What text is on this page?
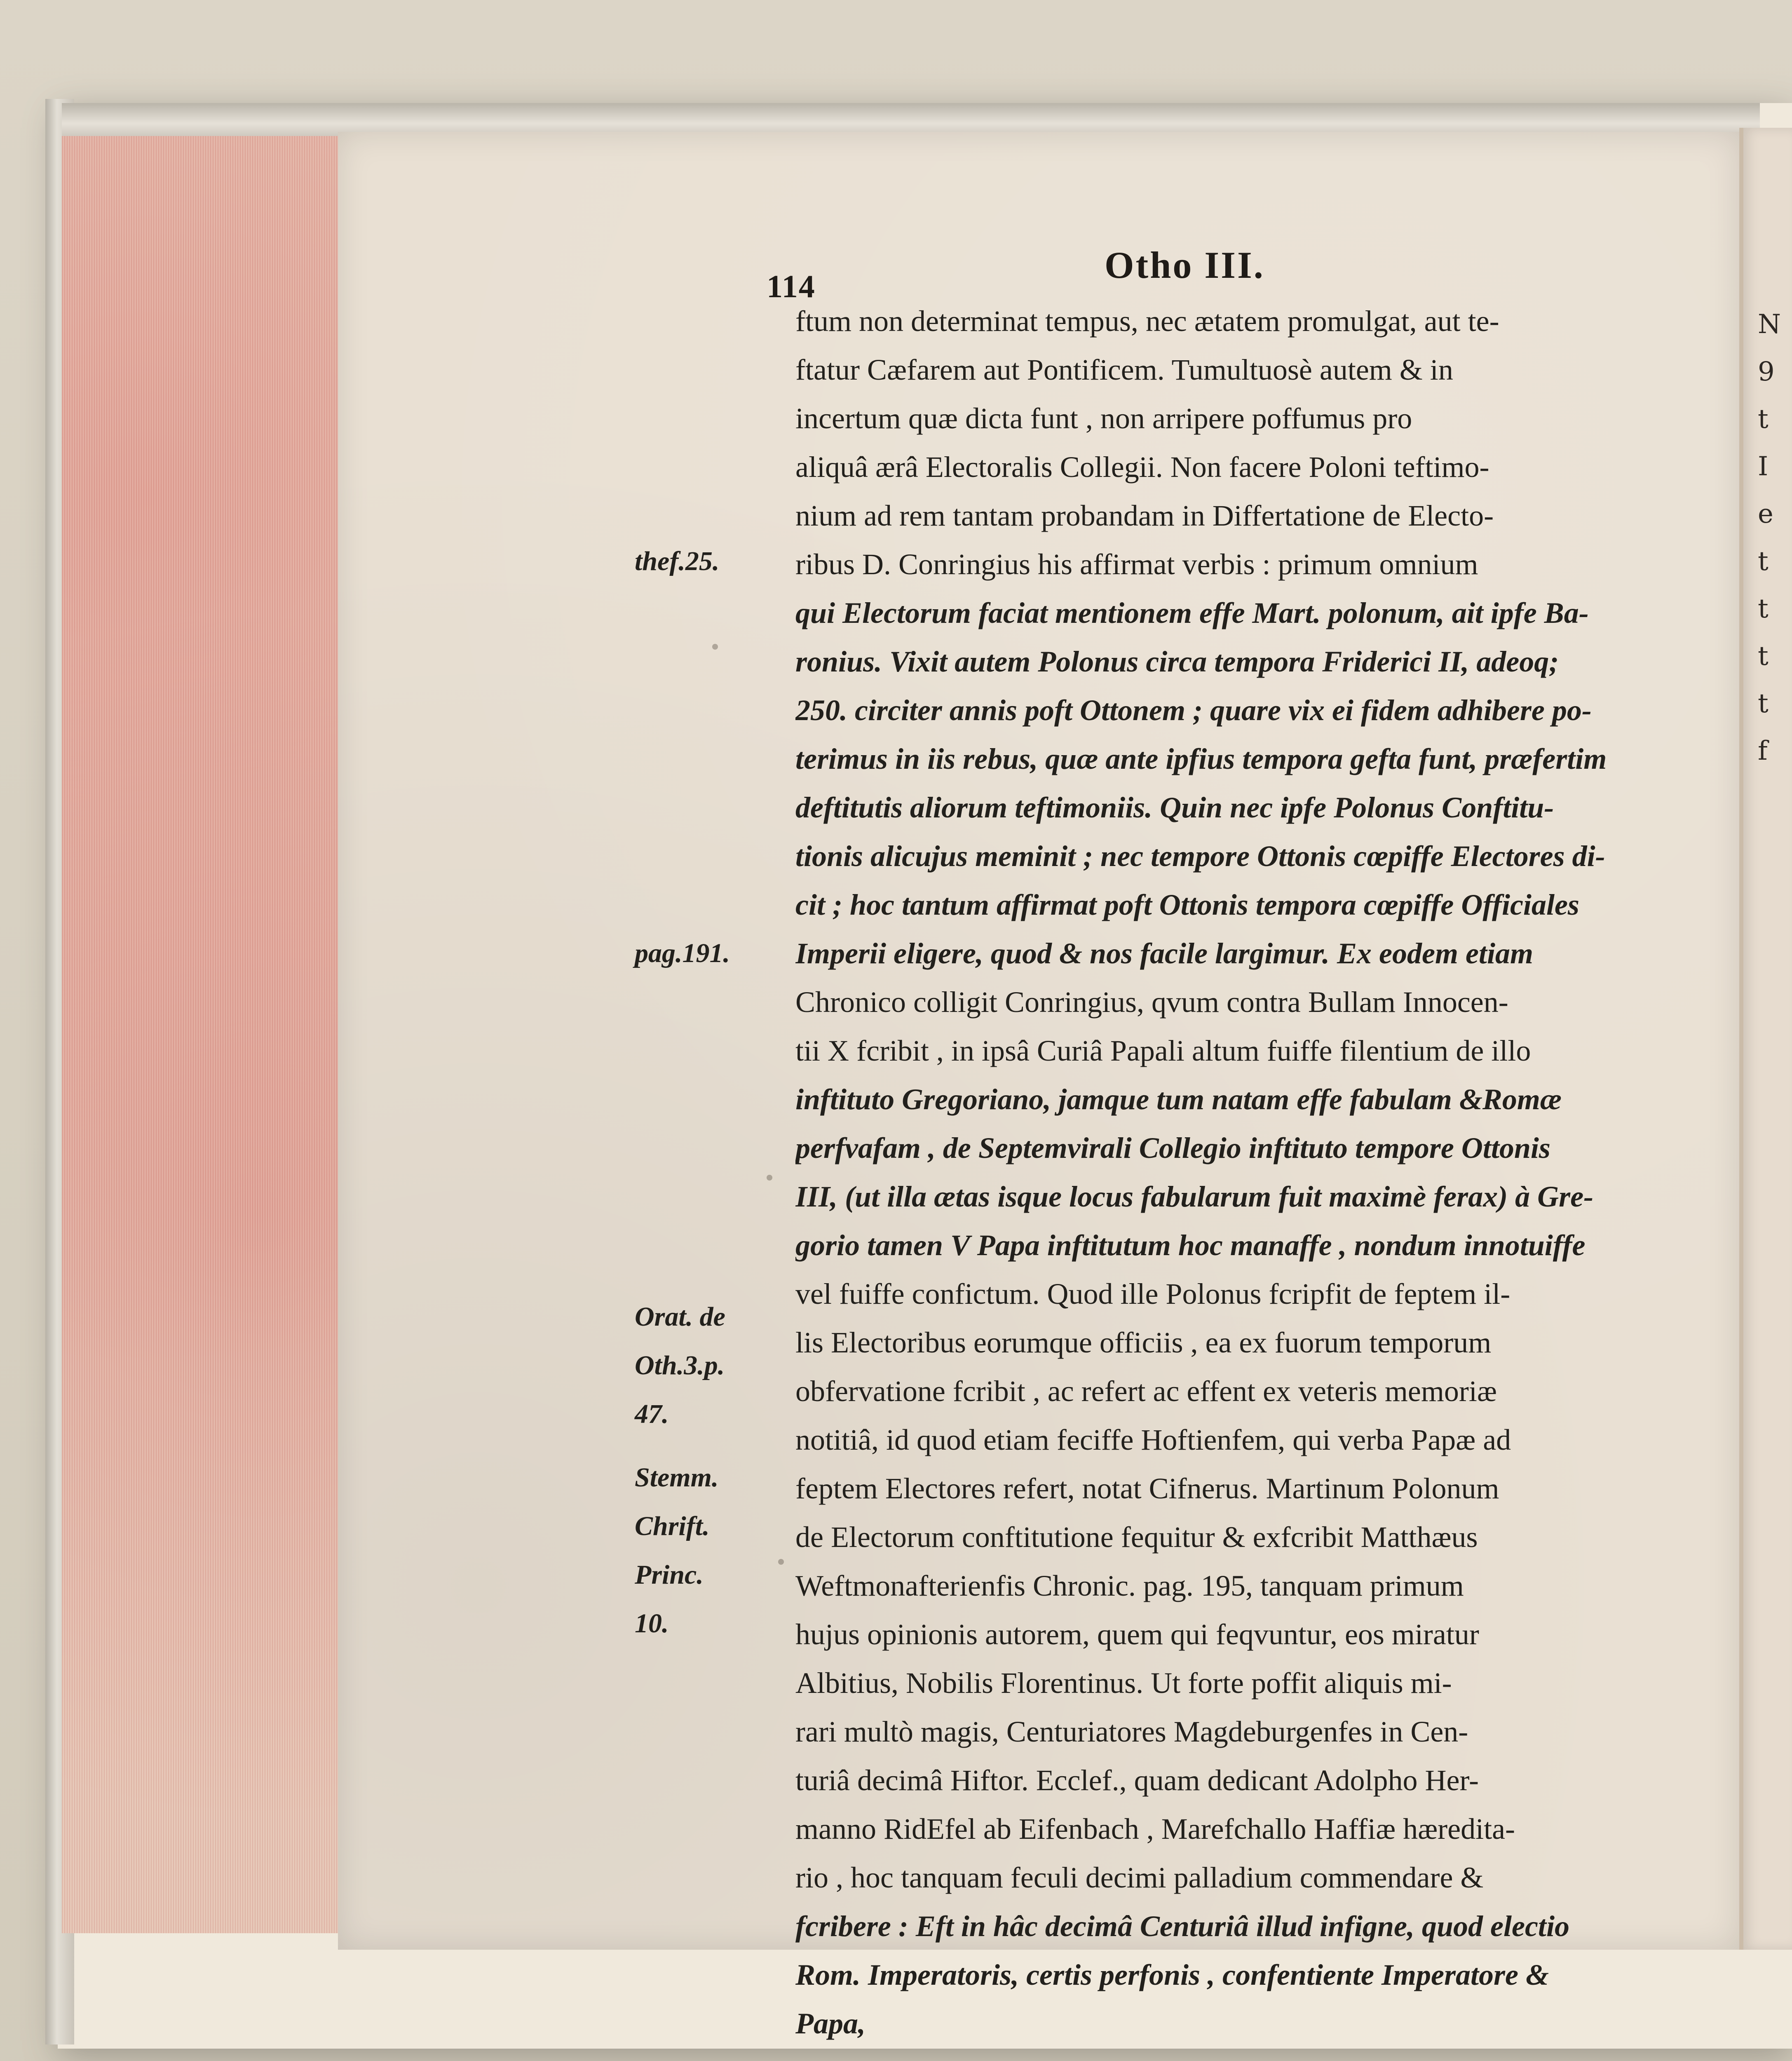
N
9
t
I
e
t
t
t
t
f
114
Otho III.
thef.25.
pag.191.
Orat. de
Oth.3.p.
47.
Stemm.
Chrift.
Princ.
10.
ftum non determinat tempus, nec ætatem promulgat, aut te-
ftatur Cæfarem aut Pontificem. Tumultuosè autem & in
incertum quæ dicta funt , non arripere poffumus pro
aliquâ ærâ Electoralis Collegii. Non facere Poloni teftimo-
nium ad rem tantam probandam in Differtatione de Electo-
ribus D. Conringius his affirmat verbis : primum omnium
qui Electorum faciat mentionem effe Mart. polonum, ait ipfe Ba-
ronius. Vixit autem Polonus circa tempora Friderici II, adeoq;
250. circiter annis poft Ottonem ; quare vix ei fidem adhibere po-
terimus in iis rebus, quæ ante ipfius tempora gefta funt, præfertim
deftitutis aliorum teftimoniis. Quin nec ipfe Polonus Conftitu-
tionis alicujus meminit ; nec tempore Ottonis cœpiffe Electores di-
cit ; hoc tantum affirmat poft Ottonis tempora cœpiffe Officiales
Imperii eligere, quod & nos facile largimur. Ex eodem etiam
Chronico colligit Conringius, qvum contra Bullam Innocen-
tii X fcribit , in ipsâ Curiâ Papali altum fuiffe filentium de illo
inftituto Gregoriano, jamque tum natam effe fabulam &Romæ
perfvafam , de Septemvirali Collegio inftituto tempore Ottonis
III, (ut illa ætas isque locus fabularum fuit maximè ferax) à Gre-
gorio tamen V Papa inftitutum hoc manaffe , nondum innotuiffe
vel fuiffe confictum. Quod ille Polonus fcripfit de feptem il-
lis Electoribus eorumque officiis , ea ex fuorum temporum
obfervatione fcribit , ac refert ac effent ex veteris memoriæ
notitiâ, id quod etiam feciffe Hoftienfem, qui verba Papæ ad
feptem Electores refert, notat Cifnerus. Martinum Polonum
de Electorum conftitutione fequitur & exfcribit Matthæus
Weftmonafterienfis Chronic. pag. 195, tanquam primum
hujus opinionis autorem, quem qui feqvuntur, eos miratur
Albitius, Nobilis Florentinus. Ut forte poffit aliquis mi-
rari multò magis, Centuriatores Magdeburgenfes in Cen-
turiâ decimâ Hiftor. Ecclef., quam dedicant Adolpho Her-
manno RidEfel ab Eifenbach , Marefchallo Haffiæ hæredita-
rio , hoc tanquam feculi decimi palladium commendare &
fcribere : Eft in hâc decimâ Centuriâ illud infigne, quod electio
Rom. Imperatoris, certis perfonis , confentiente Imperatore &
Papa,
